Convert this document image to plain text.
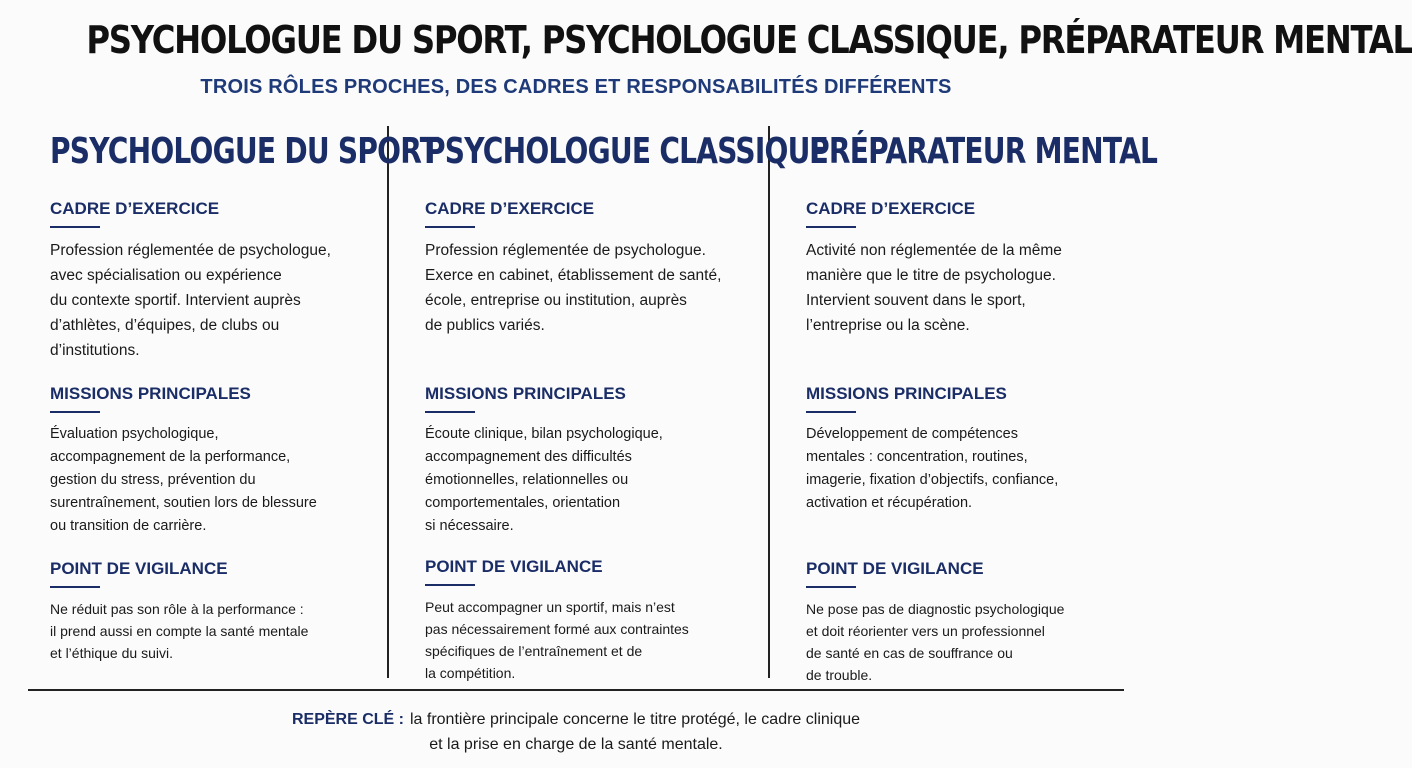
PSYCHOLOGUE DU SPORT, PSYCHOLOGUE CLASSIQUE, PRÉPARATEUR MENTAL
TROIS RÔLES PROCHES, DES CADRES ET RESPONSABILITÉS DIFFÉRENTS
PSYCHOLOGUE DU SPORT
CADRE D’EXERCICE

Profession réglementée de psychologue,
avec spécialisation ou expérience
du contexte sportif. Intervient auprès
d’athlètes, d’équipes, de clubs ou
d’institutions.

MISSIONS PRINCIPALES

Évaluation psychologique,
accompagnement de la performance,
gestion du stress, prévention du
surentraînement, soutien lors de blessure
ou transition de carrière.

POINT DE VIGILANCE

Ne réduit pas son rôle à la performance :
il prend aussi en compte la santé mentale
et l’éthique du suivi.

PSYCHOLOGUE CLASSIQUE
CADRE D’EXERCICE

Profession réglementée de psychologue.
Exerce en cabinet, établissement de santé,
école, entreprise ou institution, auprès
de publics variés.

MISSIONS PRINCIPALES

Écoute clinique, bilan psychologique,
accompagnement des difficultés
émotionnelles, relationnelles ou
comportementales, orientation
si nécessaire.

POINT DE VIGILANCE

Peut accompagner un sportif, mais n’est
pas nécessairement formé aux contraintes
spécifiques de l’entraînement et de
la compétition.

PRÉPARATEUR MENTAL
CADRE D’EXERCICE

Activité non réglementée de la même
manière que le titre de psychologue.
Intervient souvent dans le sport,
l’entreprise ou la scène.

MISSIONS PRINCIPALES

Développement de compétences
mentales : concentration, routines,
imagerie, fixation d’objectifs, confiance,
activation et récupération.

POINT DE VIGILANCE

Ne pose pas de diagnostic psychologique
et doit réorienter vers un professionnel
de santé en cas de souffrance ou
de trouble.

REPÈRE CLÉ : la frontière principale concerne le titre protégé, le cadre clinique
et la prise en charge de la santé mentale.
